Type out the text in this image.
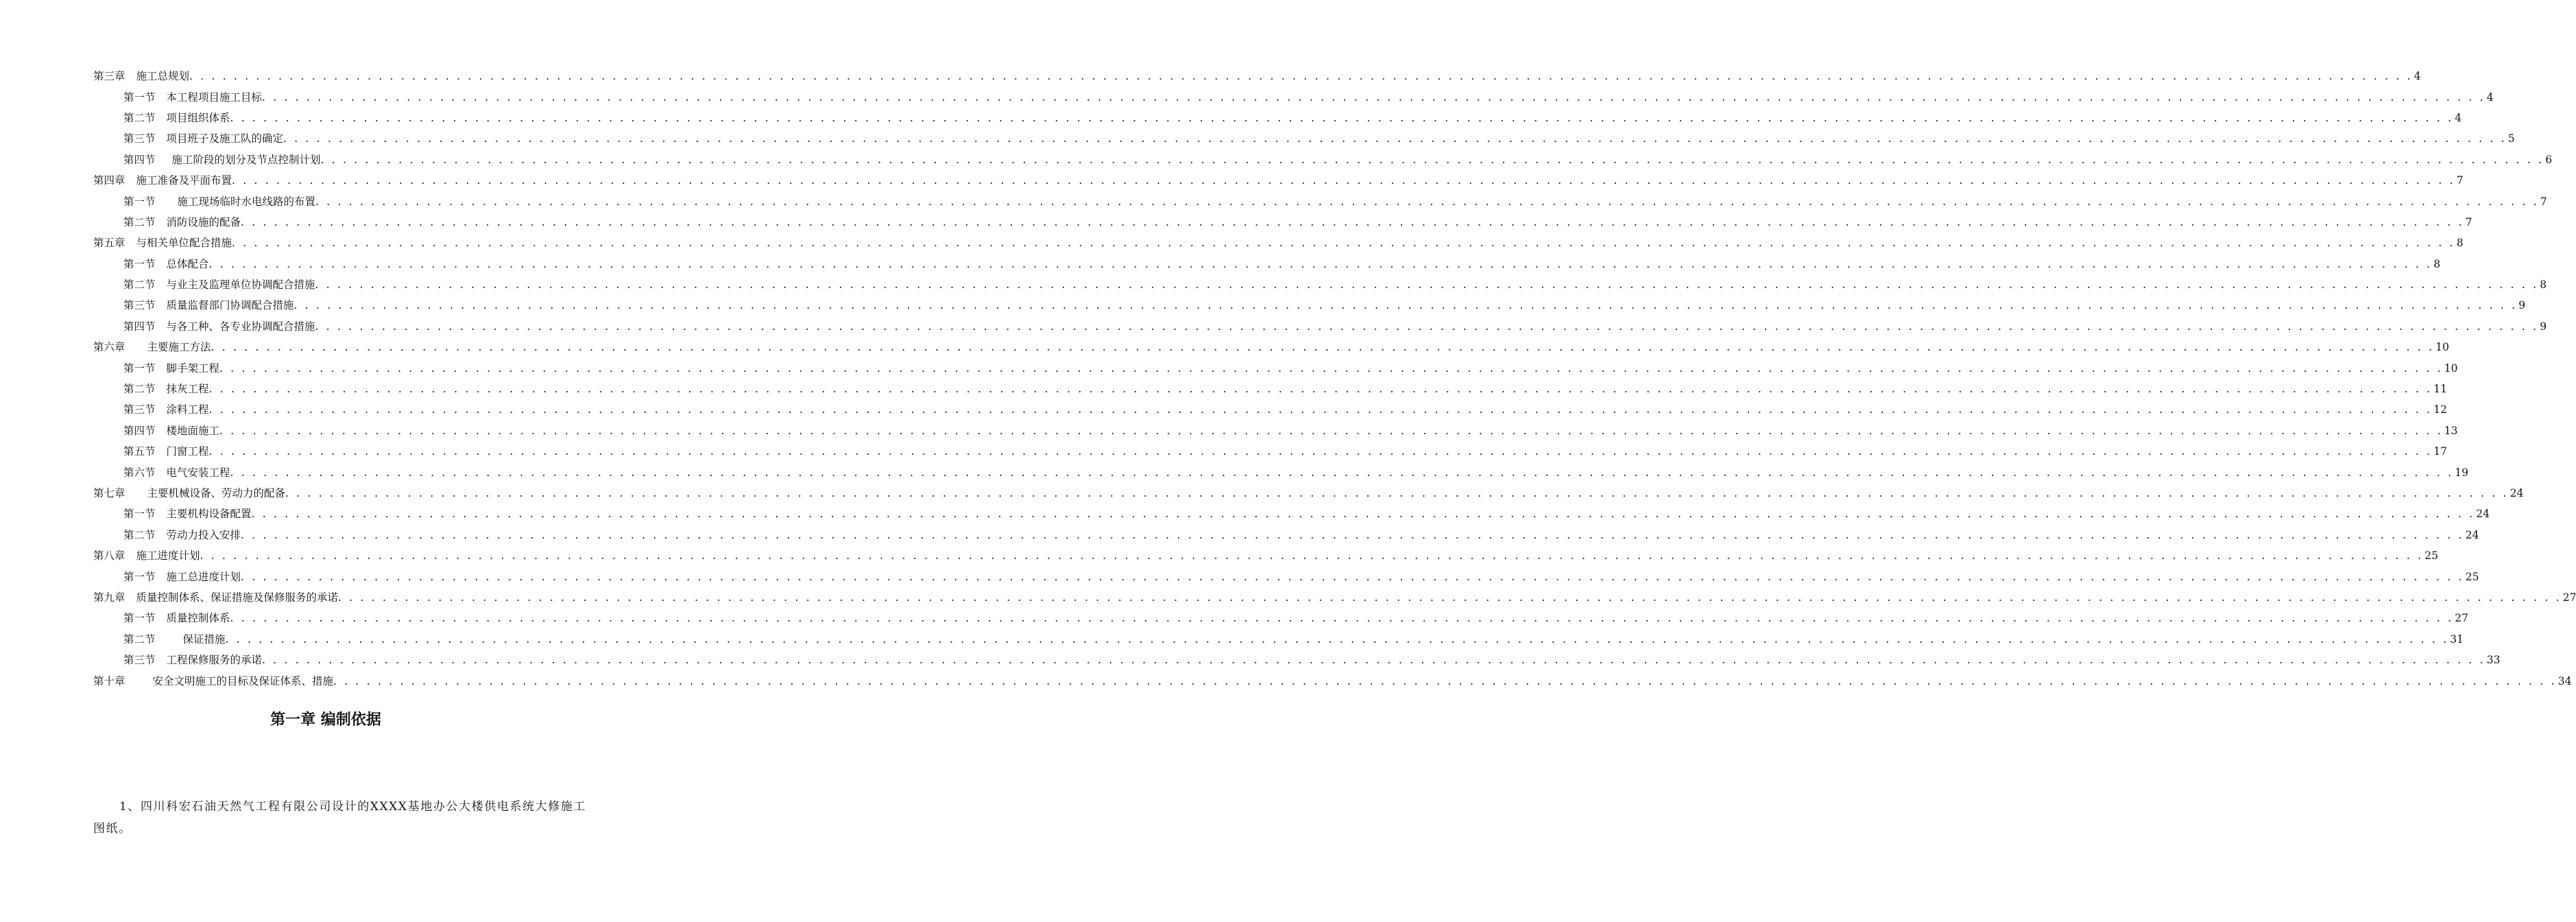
第三章 施工总规划 . . . . . . . . . . . . . . . . . . . . . . . . . . . . . . . . . . . . . . . . . . . . . . . . . . . . . . . . . . . . . . . . . . . . . . . . . . . . . . . . . . . . . . . . . . . . . . . . . . . . . . . . . . . . . . . . . . . . . . . . . . . . . . . . . . . . . . . . . . . . . . . . . . . . . . . . . . . . . . . . . . . . . . . . . . . . . . . . . . . . . . . . . . . . . . . . . . . . . . . . 4
第一节 本工程项目施工目标 . . . . . . . . . . . . . . . . . . . . . . . . . . . . . . . . . . . . . . . . . . . . . . . . . . . . . . . . . . . . . . . . . . . . . . . . . . . . . . . . . . . . . . . . . . . . . . . . . . . . . . . . . . . . . . . . . . . . . . . . . . . . . . . . . . . . . . . . . . . . . . . . . . . . . . . . . . . . . . . . . . . . . . . . . . . . . . . . . . . . . . . . . . . . . . . . . . . . . . . . 4
第二节 项目组织体系 . . . . . . . . . . . . . . . . . . . . . . . . . . . . . . . . . . . . . . . . . . . . . . . . . . . . . . . . . . . . . . . . . . . . . . . . . . . . . . . . . . . . . . . . . . . . . . . . . . . . . . . . . . . . . . . . . . . . . . . . . . . . . . . . . . . . . . . . . . . . . . . . . . . . . . . . . . . . . . . . . . . . . . . . . . . . . . . . . . . . . . . . . . . . . . . . . . . . . . . . 4
第三节 项目班子及施工队的确定 . . . . . . . . . . . . . . . . . . . . . . . . . . . . . . . . . . . . . . . . . . . . . . . . . . . . . . . . . . . . . . . . . . . . . . . . . . . . . . . . . . . . . . . . . . . . . . . . . . . . . . . . . . . . . . . . . . . . . . . . . . . . . . . . . . . . . . . . . . . . . . . . . . . . . . . . . . . . . . . . . . . . . . . . . . . . . . . . . . . . . . . . . . . . . . . . . . . . . . . . 5
第四节 施工阶段的划分及节点控制计划 . . . . . . . . . . . . . . . . . . . . . . . . . . . . . . . . . . . . . . . . . . . . . . . . . . . . . . . . . . . . . . . . . . . . . . . . . . . . . . . . . . . . . . . . . . . . . . . . . . . . . . . . . . . . . . . . . . . . . . . . . . . . . . . . . . . . . . . . . . . . . . . . . . . . . . . . . . . . . . . . . . . . . . . . . . . . . . . . . . . . . . . . . . . . . . . . . . . . . . . . 6
第四章 施工准备及平面布置 . . . . . . . . . . . . . . . . . . . . . . . . . . . . . . . . . . . . . . . . . . . . . . . . . . . . . . . . . . . . . . . . . . . . . . . . . . . . . . . . . . . . . . . . . . . . . . . . . . . . . . . . . . . . . . . . . . . . . . . . . . . . . . . . . . . . . . . . . . . . . . . . . . . . . . . . . . . . . . . . . . . . . . . . . . . . . . . . . . . . . . . . . . . . . . . . . . . . . . . . 7
第一节 施工现场临时水电线路的布置 . . . . . . . . . . . . . . . . . . . . . . . . . . . . . . . . . . . . . . . . . . . . . . . . . . . . . . . . . . . . . . . . . . . . . . . . . . . . . . . . . . . . . . . . . . . . . . . . . . . . . . . . . . . . . . . . . . . . . . . . . . . . . . . . . . . . . . . . . . . . . . . . . . . . . . . . . . . . . . . . . . . . . . . . . . . . . . . . . . . . . . . . . . . . . . . . . . . . . . . . 7
第二节 消防设施的配备 . . . . . . . . . . . . . . . . . . . . . . . . . . . . . . . . . . . . . . . . . . . . . . . . . . . . . . . . . . . . . . . . . . . . . . . . . . . . . . . . . . . . . . . . . . . . . . . . . . . . . . . . . . . . . . . . . . . . . . . . . . . . . . . . . . . . . . . . . . . . . . . . . . . . . . . . . . . . . . . . . . . . . . . . . . . . . . . . . . . . . . . . . . . . . . . . . . . . . . . . 7
第五章 与相关单位配合措施 . . . . . . . . . . . . . . . . . . . . . . . . . . . . . . . . . . . . . . . . . . . . . . . . . . . . . . . . . . . . . . . . . . . . . . . . . . . . . . . . . . . . . . . . . . . . . . . . . . . . . . . . . . . . . . . . . . . . . . . . . . . . . . . . . . . . . . . . . . . . . . . . . . . . . . . . . . . . . . . . . . . . . . . . . . . . . . . . . . . . . . . . . . . . . . . . . . . . . . . . 8
第一节 总体配合 . . . . . . . . . . . . . . . . . . . . . . . . . . . . . . . . . . . . . . . . . . . . . . . . . . . . . . . . . . . . . . . . . . . . . . . . . . . . . . . . . . . . . . . . . . . . . . . . . . . . . . . . . . . . . . . . . . . . . . . . . . . . . . . . . . . . . . . . . . . . . . . . . . . . . . . . . . . . . . . . . . . . . . . . . . . . . . . . . . . . . . . . . . . . . . . . . . . . . . . . 8
第二节 与业主及监理单位协调配合措施 . . . . . . . . . . . . . . . . . . . . . . . . . . . . . . . . . . . . . . . . . . . . . . . . . . . . . . . . . . . . . . . . . . . . . . . . . . . . . . . . . . . . . . . . . . . . . . . . . . . . . . . . . . . . . . . . . . . . . . . . . . . . . . . . . . . . . . . . . . . . . . . . . . . . . . . . . . . . . . . . . . . . . . . . . . . . . . . . . . . . . . . . . . . . . . . . . . . . . . . . 8
第三节 质量监督部门协调配合措施 . . . . . . . . . . . . . . . . . . . . . . . . . . . . . . . . . . . . . . . . . . . . . . . . . . . . . . . . . . . . . . . . . . . . . . . . . . . . . . . . . . . . . . . . . . . . . . . . . . . . . . . . . . . . . . . . . . . . . . . . . . . . . . . . . . . . . . . . . . . . . . . . . . . . . . . . . . . . . . . . . . . . . . . . . . . . . . . . . . . . . . . . . . . . . . . . . . . . . . . . 9
第四节 与各工种、各专业协调配合措施 . . . . . . . . . . . . . . . . . . . . . . . . . . . . . . . . . . . . . . . . . . . . . . . . . . . . . . . . . . . . . . . . . . . . . . . . . . . . . . . . . . . . . . . . . . . . . . . . . . . . . . . . . . . . . . . . . . . . . . . . . . . . . . . . . . . . . . . . . . . . . . . . . . . . . . . . . . . . . . . . . . . . . . . . . . . . . . . . . . . . . . . . . . . . . . . . . . . . . . . . 9
第六章 主要施工方法 . . . . . . . . . . . . . . . . . . . . . . . . . . . . . . . . . . . . . . . . . . . . . . . . . . . . . . . . . . . . . . . . . . . . . . . . . . . . . . . . . . . . . . . . . . . . . . . . . . . . . . . . . . . . . . . . . . . . . . . . . . . . . . . . . . . . . . . . . . . . . . . . . . . . . . . . . . . . . . . . . . . . . . . . . . . . . . . . . . . . . . . . . . . . . . . . . . . . . . . . 10
第一节 脚手架工程 . . . . . . . . . . . . . . . . . . . . . . . . . . . . . . . . . . . . . . . . . . . . . . . . . . . . . . . . . . . . . . . . . . . . . . . . . . . . . . . . . . . . . . . . . . . . . . . . . . . . . . . . . . . . . . . . . . . . . . . . . . . . . . . . . . . . . . . . . . . . . . . . . . . . . . . . . . . . . . . . . . . . . . . . . . . . . . . . . . . . . . . . . . . . . . . . . . . . . . . . 10
第二节 抹灰工程 . . . . . . . . . . . . . . . . . . . . . . . . . . . . . . . . . . . . . . . . . . . . . . . . . . . . . . . . . . . . . . . . . . . . . . . . . . . . . . . . . . . . . . . . . . . . . . . . . . . . . . . . . . . . . . . . . . . . . . . . . . . . . . . . . . . . . . . . . . . . . . . . . . . . . . . . . . . . . . . . . . . . . . . . . . . . . . . . . . . . . . . . . . . . . . . . . . . . . . . . 11
第三节 涂料工程 . . . . . . . . . . . . . . . . . . . . . . . . . . . . . . . . . . . . . . . . . . . . . . . . . . . . . . . . . . . . . . . . . . . . . . . . . . . . . . . . . . . . . . . . . . . . . . . . . . . . . . . . . . . . . . . . . . . . . . . . . . . . . . . . . . . . . . . . . . . . . . . . . . . . . . . . . . . . . . . . . . . . . . . . . . . . . . . . . . . . . . . . . . . . . . . . . . . . . . . . 12
第四节 楼地面施工 . . . . . . . . . . . . . . . . . . . . . . . . . . . . . . . . . . . . . . . . . . . . . . . . . . . . . . . . . . . . . . . . . . . . . . . . . . . . . . . . . . . . . . . . . . . . . . . . . . . . . . . . . . . . . . . . . . . . . . . . . . . . . . . . . . . . . . . . . . . . . . . . . . . . . . . . . . . . . . . . . . . . . . . . . . . . . . . . . . . . . . . . . . . . . . . . . . . . . . . . 13
第五节 门窗工程 . . . . . . . . . . . . . . . . . . . . . . . . . . . . . . . . . . . . . . . . . . . . . . . . . . . . . . . . . . . . . . . . . . . . . . . . . . . . . . . . . . . . . . . . . . . . . . . . . . . . . . . . . . . . . . . . . . . . . . . . . . . . . . . . . . . . . . . . . . . . . . . . . . . . . . . . . . . . . . . . . . . . . . . . . . . . . . . . . . . . . . . . . . . . . . . . . . . . . . . . 17
第六节 电气安装工程 . . . . . . . . . . . . . . . . . . . . . . . . . . . . . . . . . . . . . . . . . . . . . . . . . . . . . . . . . . . . . . . . . . . . . . . . . . . . . . . . . . . . . . . . . . . . . . . . . . . . . . . . . . . . . . . . . . . . . . . . . . . . . . . . . . . . . . . . . . . . . . . . . . . . . . . . . . . . . . . . . . . . . . . . . . . . . . . . . . . . . . . . . . . . . . . . . . . . . . . . 19
第七章 主要机械设备、劳动力的配备 . . . . . . . . . . . . . . . . . . . . . . . . . . . . . . . . . . . . . . . . . . . . . . . . . . . . . . . . . . . . . . . . . . . . . . . . . . . . . . . . . . . . . . . . . . . . . . . . . . . . . . . . . . . . . . . . . . . . . . . . . . . . . . . . . . . . . . . . . . . . . . . . . . . . . . . . . . . . . . . . . . . . . . . . . . . . . . . . . . . . . . . . . . . . . . . . . . . . . . . . 24
第一节 主要机构设备配置 . . . . . . . . . . . . . . . . . . . . . . . . . . . . . . . . . . . . . . . . . . . . . . . . . . . . . . . . . . . . . . . . . . . . . . . . . . . . . . . . . . . . . . . . . . . . . . . . . . . . . . . . . . . . . . . . . . . . . . . . . . . . . . . . . . . . . . . . . . . . . . . . . . . . . . . . . . . . . . . . . . . . . . . . . . . . . . . . . . . . . . . . . . . . . . . . . . . . . . . . 24
第二节 劳动力投入安排 . . . . . . . . . . . . . . . . . . . . . . . . . . . . . . . . . . . . . . . . . . . . . . . . . . . . . . . . . . . . . . . . . . . . . . . . . . . . . . . . . . . . . . . . . . . . . . . . . . . . . . . . . . . . . . . . . . . . . . . . . . . . . . . . . . . . . . . . . . . . . . . . . . . . . . . . . . . . . . . . . . . . . . . . . . . . . . . . . . . . . . . . . . . . . . . . . . . . . . . . 24
第八章 施工进度计划 . . . . . . . . . . . . . . . . . . . . . . . . . . . . . . . . . . . . . . . . . . . . . . . . . . . . . . . . . . . . . . . . . . . . . . . . . . . . . . . . . . . . . . . . . . . . . . . . . . . . . . . . . . . . . . . . . . . . . . . . . . . . . . . . . . . . . . . . . . . . . . . . . . . . . . . . . . . . . . . . . . . . . . . . . . . . . . . . . . . . . . . . . . . . . . . . . . . . . . . . 25
第一节 施工总进度计划 . . . . . . . . . . . . . . . . . . . . . . . . . . . . . . . . . . . . . . . . . . . . . . . . . . . . . . . . . . . . . . . . . . . . . . . . . . . . . . . . . . . . . . . . . . . . . . . . . . . . . . . . . . . . . . . . . . . . . . . . . . . . . . . . . . . . . . . . . . . . . . . . . . . . . . . . . . . . . . . . . . . . . . . . . . . . . . . . . . . . . . . . . . . . . . . . . . . . . . . . 25
第九章 质量控制体系、保证措施及保修服务的承诺 . . . . . . . . . . . . . . . . . . . . . . . . . . . . . . . . . . . . . . . . . . . . . . . . . . . . . . . . . . . . . . . . . . . . . . . . . . . . . . . . . . . . . . . . . . . . . . . . . . . . . . . . . . . . . . . . . . . . . . . . . . . . . . . . . . . . . . . . . . . . . . . . . . . . . . . . . . . . . . . . . . . . . . . . . . . . . . . . . . . . . . . . . . . . . . . . . . . . . . . . 27
第一节 质量控制体系 . . . . . . . . . . . . . . . . . . . . . . . . . . . . . . . . . . . . . . . . . . . . . . . . . . . . . . . . . . . . . . . . . . . . . . . . . . . . . . . . . . . . . . . . . . . . . . . . . . . . . . . . . . . . . . . . . . . . . . . . . . . . . . . . . . . . . . . . . . . . . . . . . . . . . . . . . . . . . . . . . . . . . . . . . . . . . . . . . . . . . . . . . . . . . . . . . . . . . . . . 27
第二节	保证措施 . . . . . . . . . . . . . . . . . . . . . . . . . . . . . . . . . . . . . . . . . . . . . . . . . . . . . . . . . . . . . . . . . . . . . . . . . . . . . . . . . . . . . . . . . . . . . . . . . . . . . . . . . . . . . . . . . . . . . . . . . . . . . . . . . . . . . . . . . . . . . . . . . . . . . . . . . . . . . . . . . . . . . . . . . . . . . . . . . . . . . . . . . . . . . . . . . . . . . . . . 31
第三节 工程保修服务的承诺 . . . . . . . . . . . . . . . . . . . . . . . . . . . . . . . . . . . . . . . . . . . . . . . . . . . . . . . . . . . . . . . . . . . . . . . . . . . . . . . . . . . . . . . . . . . . . . . . . . . . . . . . . . . . . . . . . . . . . . . . . . . . . . . . . . . . . . . . . . . . . . . . . . . . . . . . . . . . . . . . . . . . . . . . . . . . . . . . . . . . . . . . . . . . . . . . . . . . . . . . 33
第十章	安全文明施工的目标及保证体系、措施 . . . . . . . . . . . . . . . . . . . . . . . . . . . . . . . . . . . . . . . . . . . . . . . . . . . . . . . . . . . . . . . . . . . . . . . . . . . . . . . . . . . . . . . . . . . . . . . . . . . . . . . . . . . . . . . . . . . . . . . . . . . . . . . . . . . . . . . . . . . . . . . . . . . . . . . . . . . . . . . . . . . . . . . . . . . . . . . . . . . . . . . . . . . . . . . . . . . . . . . . 34
第一章 编制依据
1、四川科宏石油天然气工程有限公司设计的XXXX基地办公大楼供电系统大修施工图纸。
